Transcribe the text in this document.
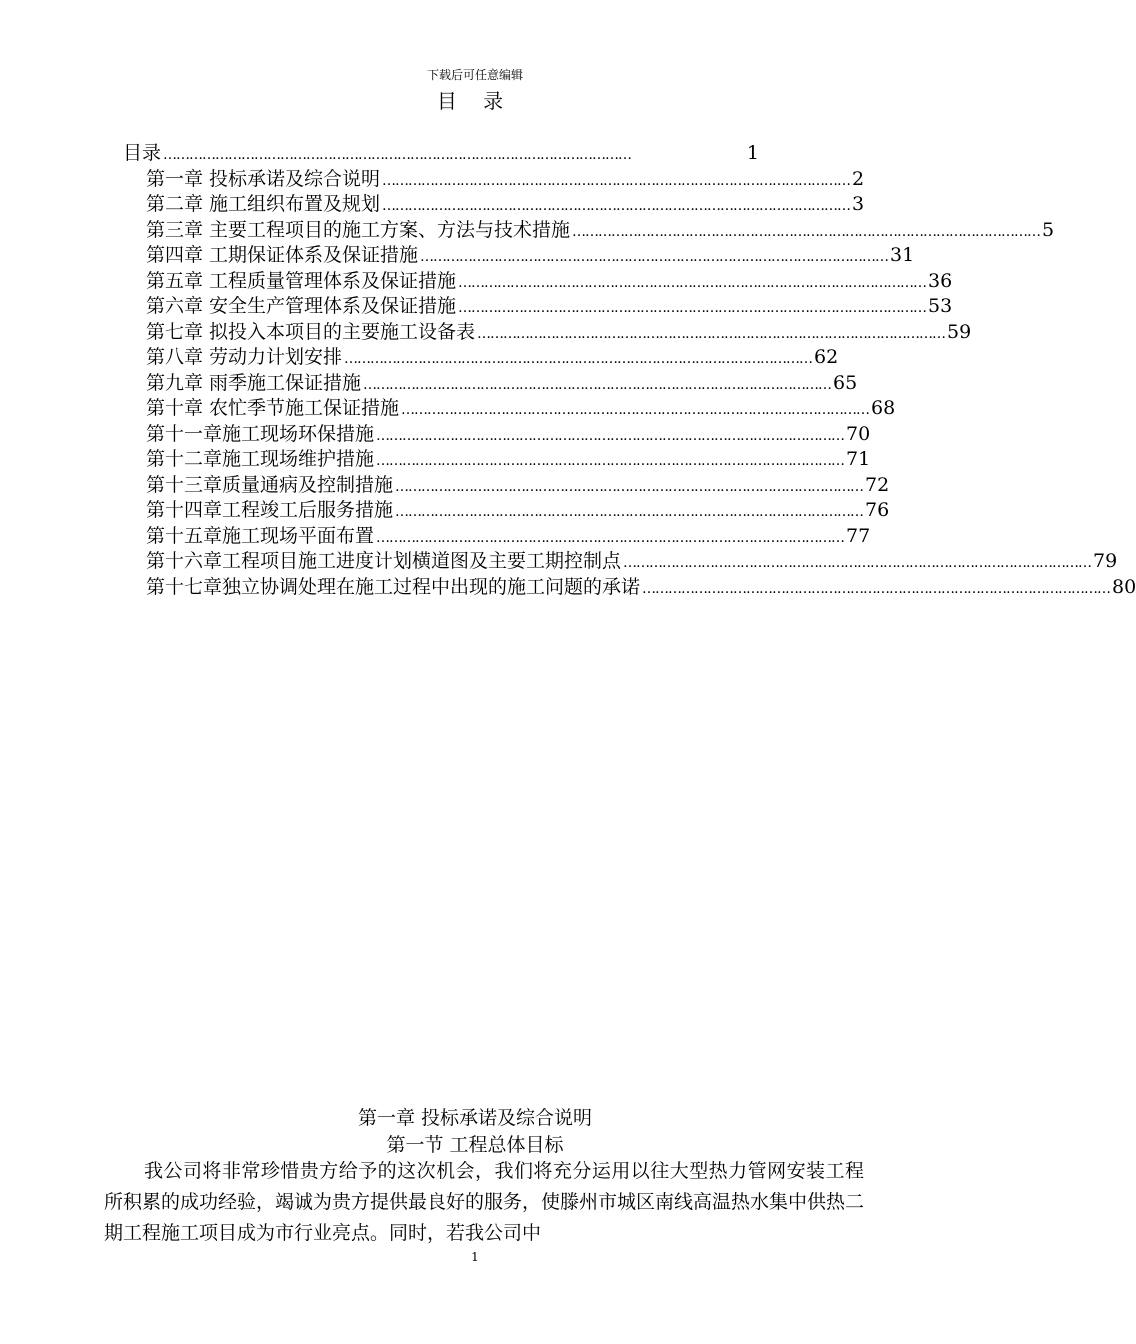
下载后可任意编辑
目 录
目录 ………………………………………………………………………………………………	1
第一章 投标承诺及综合说明 ……………………………………………………………………………………………… 2
第二章 施工组织布置及规划 ……………………………………………………………………………………………… 3
第三章 主要工程项目的施工方案、方法与技术措施 ……………………………………………………………………………………………… 5
第四章 工期保证体系及保证措施 ……………………………………………………………………………………………… 31
第五章 工程质量管理体系及保证措施 ……………………………………………………………………………………………… 36
第六章 安全生产管理体系及保证措施 ……………………………………………………………………………………………… 53
第七章 拟投入本项目的主要施工设备表 ……………………………………………………………………………………………… 59
第八章 劳动力计划安排 ……………………………………………………………………………………………… 62
第九章 雨季施工保证措施 ……………………………………………………………………………………………… 65
第十章 农忙季节施工保证措施 ……………………………………………………………………………………………… 68
第十一章施工现场环保措施 ……………………………………………………………………………………………… 70
第十二章施工现场维护措施 ……………………………………………………………………………………………… 71
第十三章质量通病及控制措施 ……………………………………………………………………………………………… 72
第十四章工程竣工后服务措施 ……………………………………………………………………………………………… 76
第十五章施工现场平面布置 ……………………………………………………………………………………………… 77
第十六章工程项目施工进度计划横道图及主要工期控制点 ……………………………………………………………………………………………… 79
第十七章独立协调处理在施工过程中出现的施工问题的承诺 ……………………………………………………………………………………………… 80
第一章 投标承诺及综合说明
第一节 工程总体目标
我公司将非常珍惜贵方给予的这次机会，我们将充分运用以往大型热力管网安装工程所积累的成功经验，竭诚为贵方提供最良好的服务，使滕州市城区南线高温热水集中供热二期工程施工项目成为市行业亮点。同时，若我公司中
1
